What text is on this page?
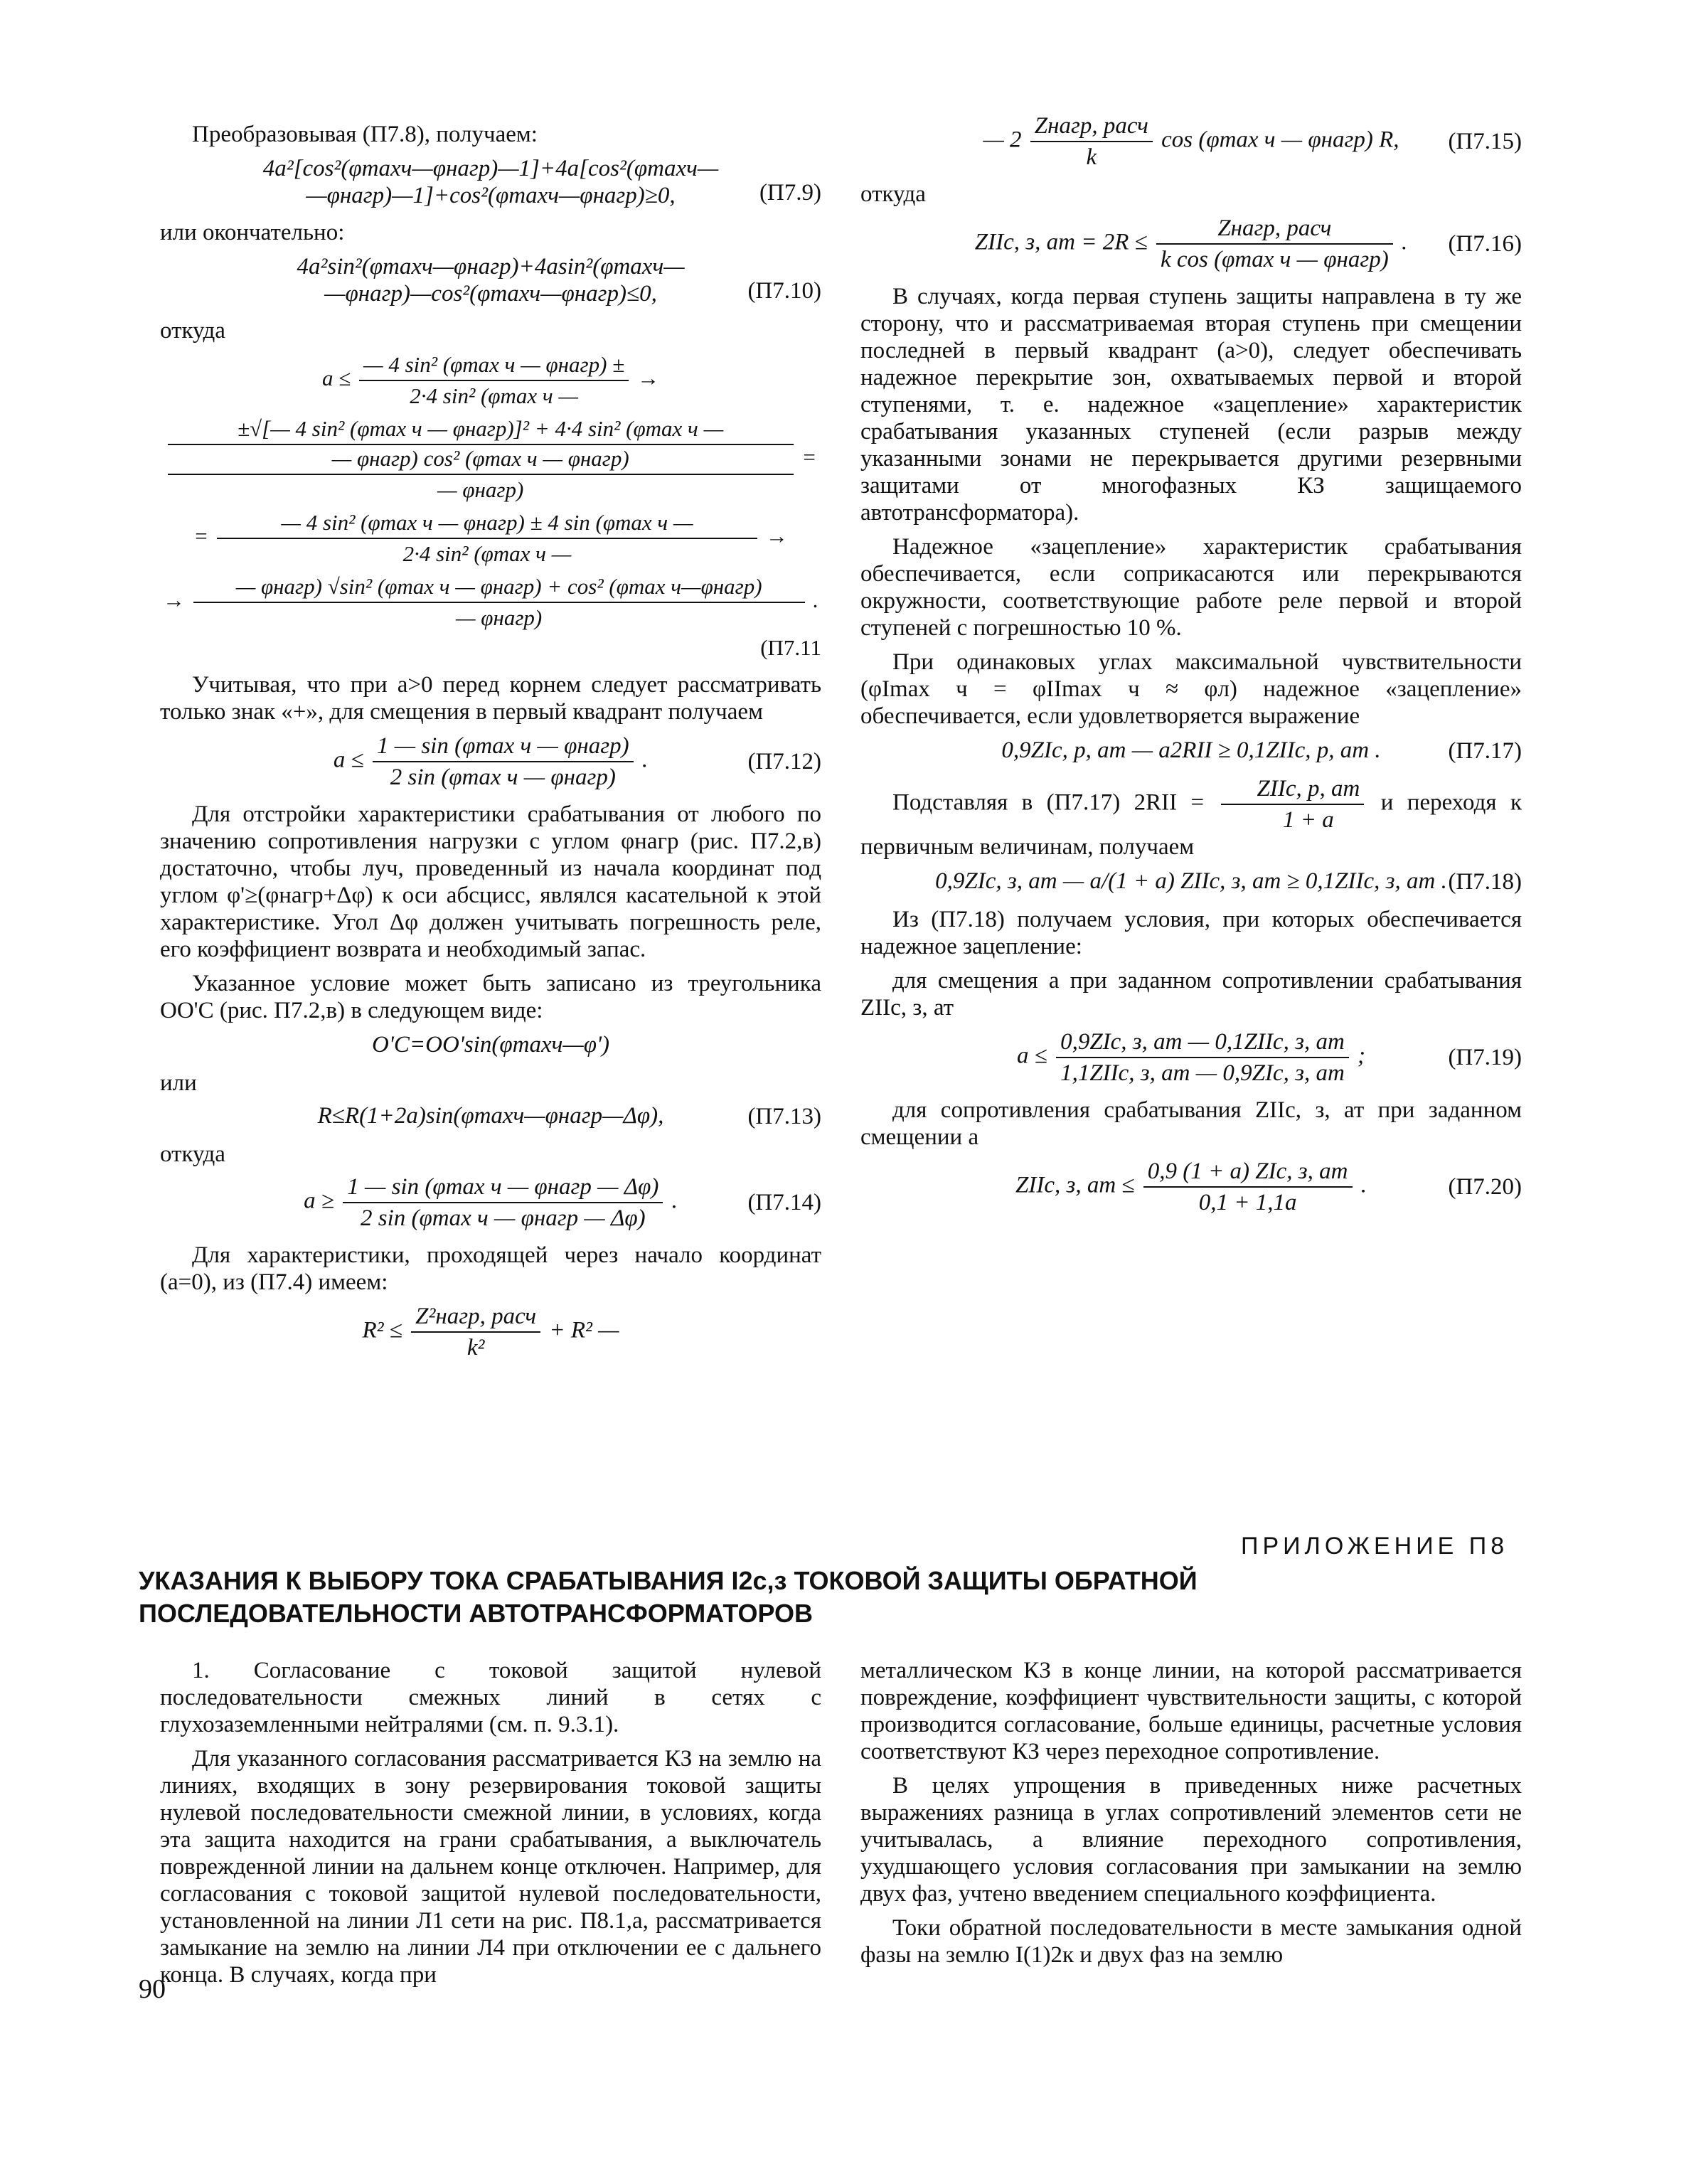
Преобразовывая (П7.8), получаем:

4a²[cos²(φmaxч—φнагр)—1]+4a[cos²(φmaxч—
—φнагр)—1]+cos²(φmaxч—φнагр)≥0,	(П7.9)

или окончательно:

4a²sin²(φmaxч—φнагр)+4asin²(φmaxч—
—φнагр)—cos²(φmaxч—φнагр)≤0,	(П7.10)

откуда

$a \le \frac{\text{— 4 sin² (φmax ч — φнагр) ±}}{\text{2·4 sin² (φmax ч —}}$ →
±√[— 4 sin² (φmax ч — φнагр)]² + 4·4 sin² (φmax ч —
— φнагр) cos² (φmax ч — φнагр)
— φнагр)
=
= $\frac{\text{— 4 sin² (φmax ч — φнагр) ± 4 sin (φmax ч —}}{\text{2·4 sin² (φmax ч —}}$ →
→ $\frac{\text{— φнагр) √sin² (φmax ч — φнагр) + cos² (φmax ч—φнагр)}}{\text{— φнагр)}}$ .
(П7.11

Учитывая, что при a>0 перед корнем следует рассматривать только знак «+», для смещения в первый квадрант получаем

$a \le \frac{\text{1 — sin (φmax ч — φнагр)}}{\text{2 sin (φmax ч — φнагр)}}$ .	(П7.12)

Для отстройки характеристики срабатывания от любого по значению сопротивления нагрузки с углом φнагр (рис. П7.2,в) достаточно, чтобы луч, проведенный из начала координат под углом φ'≥(φнагр+Δφ) к оси абсцисс, являлся касательной к этой характеристике. Угол Δφ должен учитывать погрешность реле, его коэффициент возврата и необходимый запас.

Указанное условие может быть записано из треугольника OO'C (рис. П7.2,в) в следующем виде:

O'C=OO'sin(φmaxч—φ')

или

R≤R(1+2a)sin(φmaxч—φнагр—Δφ),	(П7.13)

откуда

$a \ge \frac{\text{1 — sin (φmax ч — φнагр — Δφ)}}{\text{2 sin (φmax ч — φнагр — Δφ)}}$ .	(П7.14)

Для характеристики, проходящей через начало координат (a=0), из (П7.4) имеем:

$R^2 \le \frac{\text{Z²нагр, расч}}{\text{k²}} + R^2$ —
— $2 \frac{\text{Zнагр, расч}}{k}$ cos (φmax ч — φнагр) R,	(П7.15)

откуда

ZIIс, з, ат = $2R \le \frac{\text{Zнагр, расч}}{\text{k cos (φmax ч — φнагр)}}$ .	(П7.16)

В случаях, когда первая ступень защиты направлена в ту же сторону, что и рассматриваемая вторая ступень при смещении последней в первый квадрант (a>0), следует обеспечивать надежное перекрытие зон, охватываемых первой и второй ступенями, т. е. надежное «зацепление» характеристик срабатывания указанных ступеней (если разрыв между указанными зонами не перекрывается другими резервными защитами от многофазных КЗ защищаемого автотрансформатора).

Надежное «зацепление» характеристик срабатывания обеспечивается, если соприкасаются или перекрываются окружности, соответствующие работе реле первой и второй ступеней с погрешностью 10 %.

При одинаковых углах максимальной чувствительности (φImax ч = φIImax ч ≈ φл) надежное «зацепление» обеспечивается, если удовлетворяется выражение

0,9ZIс, р, ат — a2RII ≥ 0,1ZIIс, р, ат .	(П7.17)

Подставляя в (П7.17) $2RII = \frac{\text{ZIIс, р, ат}}{1 + a}$ и переходя к первичным величинам, получаем

0,9ZIс, з, ат — a/(1 + a) ZIIс, з, ат ≥ 0,1ZIIс, з, ат . (П7.18)

Из (П7.18) получаем условия, при которых обеспечивается надежное зацепление:

для смещения a при заданном сопротивлении срабатывания ZIIс, з, ат

$a \le \frac{\text{0,9ZIс, з, ат — 0,1ZIIс, з, ат}}{\text{1,1ZIIс, з, ат — 0,9ZIс, з, ат}}$ ;	(П7.19)

для сопротивления срабатывания ZIIс, з, ат при заданном смещении a

ZIIс, з, ат ≤ $\frac{\text{0,9 (1 + a) ZIс, з, ат}}{0,1 + 1,1a}$ .	(П7.20)
ПРИЛОЖЕНИЕ П8
УКАЗАНИЯ К ВЫБОРУ ТОКА СРАБАТЫВАНИЯ I2с,з ТОКОВОЙ ЗАЩИТЫ ОБРАТНОЙ ПОСЛЕДОВАТЕЛЬНОСТИ АВТОТРАНСФОРМАТОРОВ

1. Согласование с токовой защитой нулевой последовательности смежных линий в сетях с глухозаземленными нейтралями (см. п. 9.3.1).

Для указанного согласования рассматривается КЗ на землю на линиях, входящих в зону резервирования токовой защиты нулевой последовательности смежной линии, в условиях, когда эта защита находится на грани срабатывания, а выключатель поврежденной линии на дальнем конце отключен. Например, для согласования с токовой защитой нулевой последовательности, установленной на линии Л1 сети на рис. П8.1,а, рассматривается замыкание на землю на линии Л4 при отключении ее с дальнего конца. В случаях, когда при

металлическом КЗ в конце линии, на которой рассматривается повреждение, коэффициент чувствительности защиты, с которой производится согласование, больше единицы, расчетные условия соответствуют КЗ через переходное сопротивление.

В целях упрощения в приведенных ниже расчетных выражениях разница в углах сопротивлений элементов сети не учитывалась, а влияние переходного сопротивления, ухудшающего условия согласования при замыкании на землю двух фаз, учтено введением специального коэффициента.

Токи обратной последовательности в месте замыкания одной фазы на землю I(1)2к и двух фаз на землю

90
